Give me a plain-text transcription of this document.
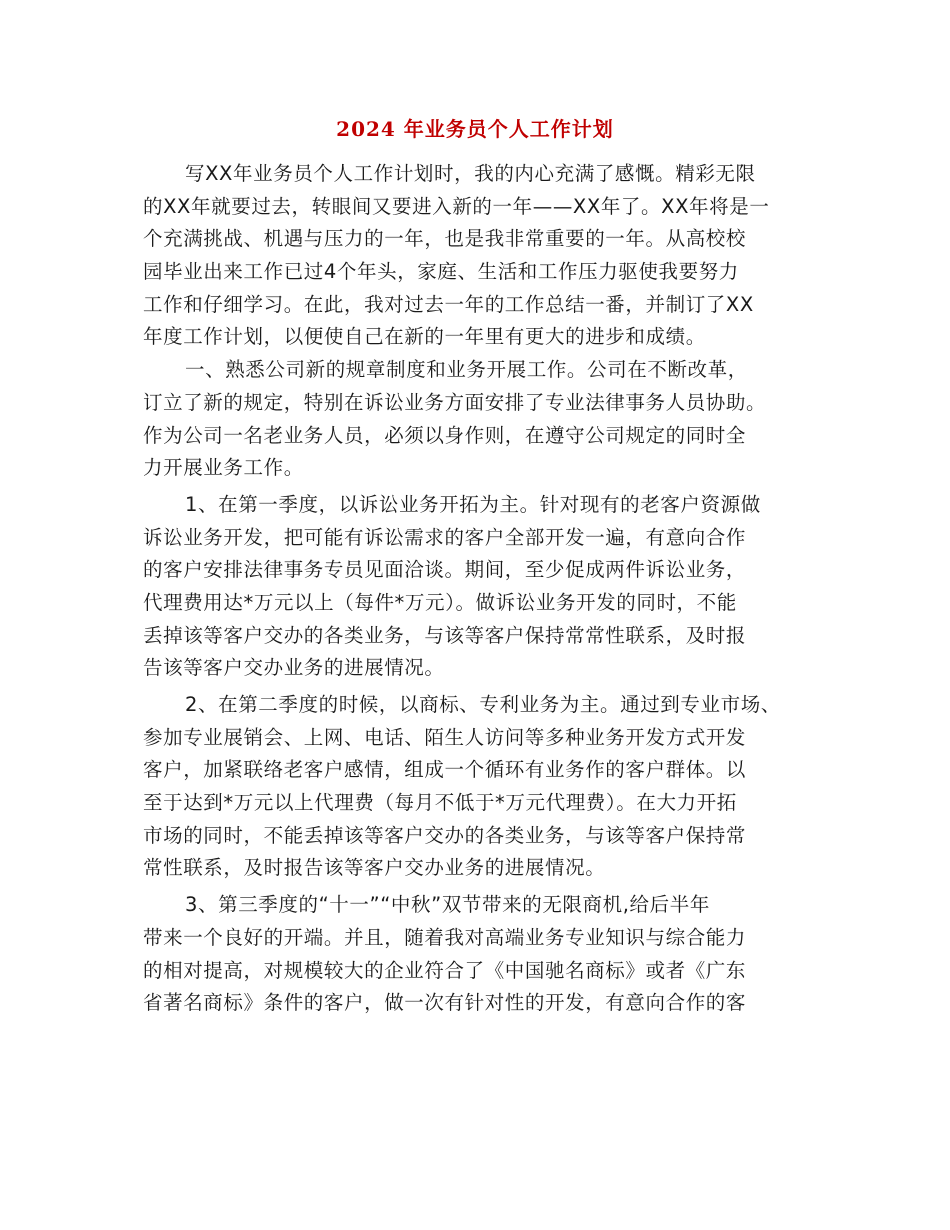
2024 年业务员个人工作计划
写XX年业务员个人工作计划时，我的内心充满了感慨。精彩无限
的XX年就要过去，转眼间又要进入新的一年——XX年了。XX年将是一
个充满挑战、机遇与压力的一年，也是我非常重要的一年。从高校校
园毕业出来工作已过4个年头，家庭、生活和工作压力驱使我要努力
工作和仔细学习。在此，我对过去一年的工作总结一番，并制订了XX
年度工作计划，以便使自己在新的一年里有更大的进步和成绩。
一、熟悉公司新的规章制度和业务开展工作。公司在不断改革，
订立了新的规定，特别在诉讼业务方面安排了专业法律事务人员协助。
作为公司一名老业务人员，必须以身作则，在遵守公司规定的同时全
力开展业务工作。
1、在第一季度，以诉讼业务开拓为主。针对现有的老客户资源做
诉讼业务开发，把可能有诉讼需求的客户全部开发一遍，有意向合作
的客户安排法律事务专员见面洽谈。期间，至少促成两件诉讼业务，
代理费用达*万元以上（每件*万元）。做诉讼业务开发的同时，不能
丢掉该等客户交办的各类业务，与该等客户保持常常性联系，及时报
告该等客户交办业务的进展情况。
2、在第二季度的时候，以商标、专利业务为主。通过到专业市场、
参加专业展销会、上网、电话、陌生人访问等多种业务开发方式开发
客户，加紧联络老客户感情，组成一个循环有业务作的客户群体。以
至于达到*万元以上代理费（每月不低于*万元代理费）。在大力开拓
市场的同时，不能丢掉该等客户交办的各类业务，与该等客户保持常
常性联系，及时报告该等客户交办业务的进展情况。
3、第三季度的“十一”“中秋”双节带来的无限商机,给后半年
带来一个良好的开端。并且，随着我对高端业务专业知识与综合能力
的相对提高，对规模较大的企业符合了《中国驰名商标》或者《广东
省著名商标》条件的客户，做一次有针对性的开发，有意向合作的客
